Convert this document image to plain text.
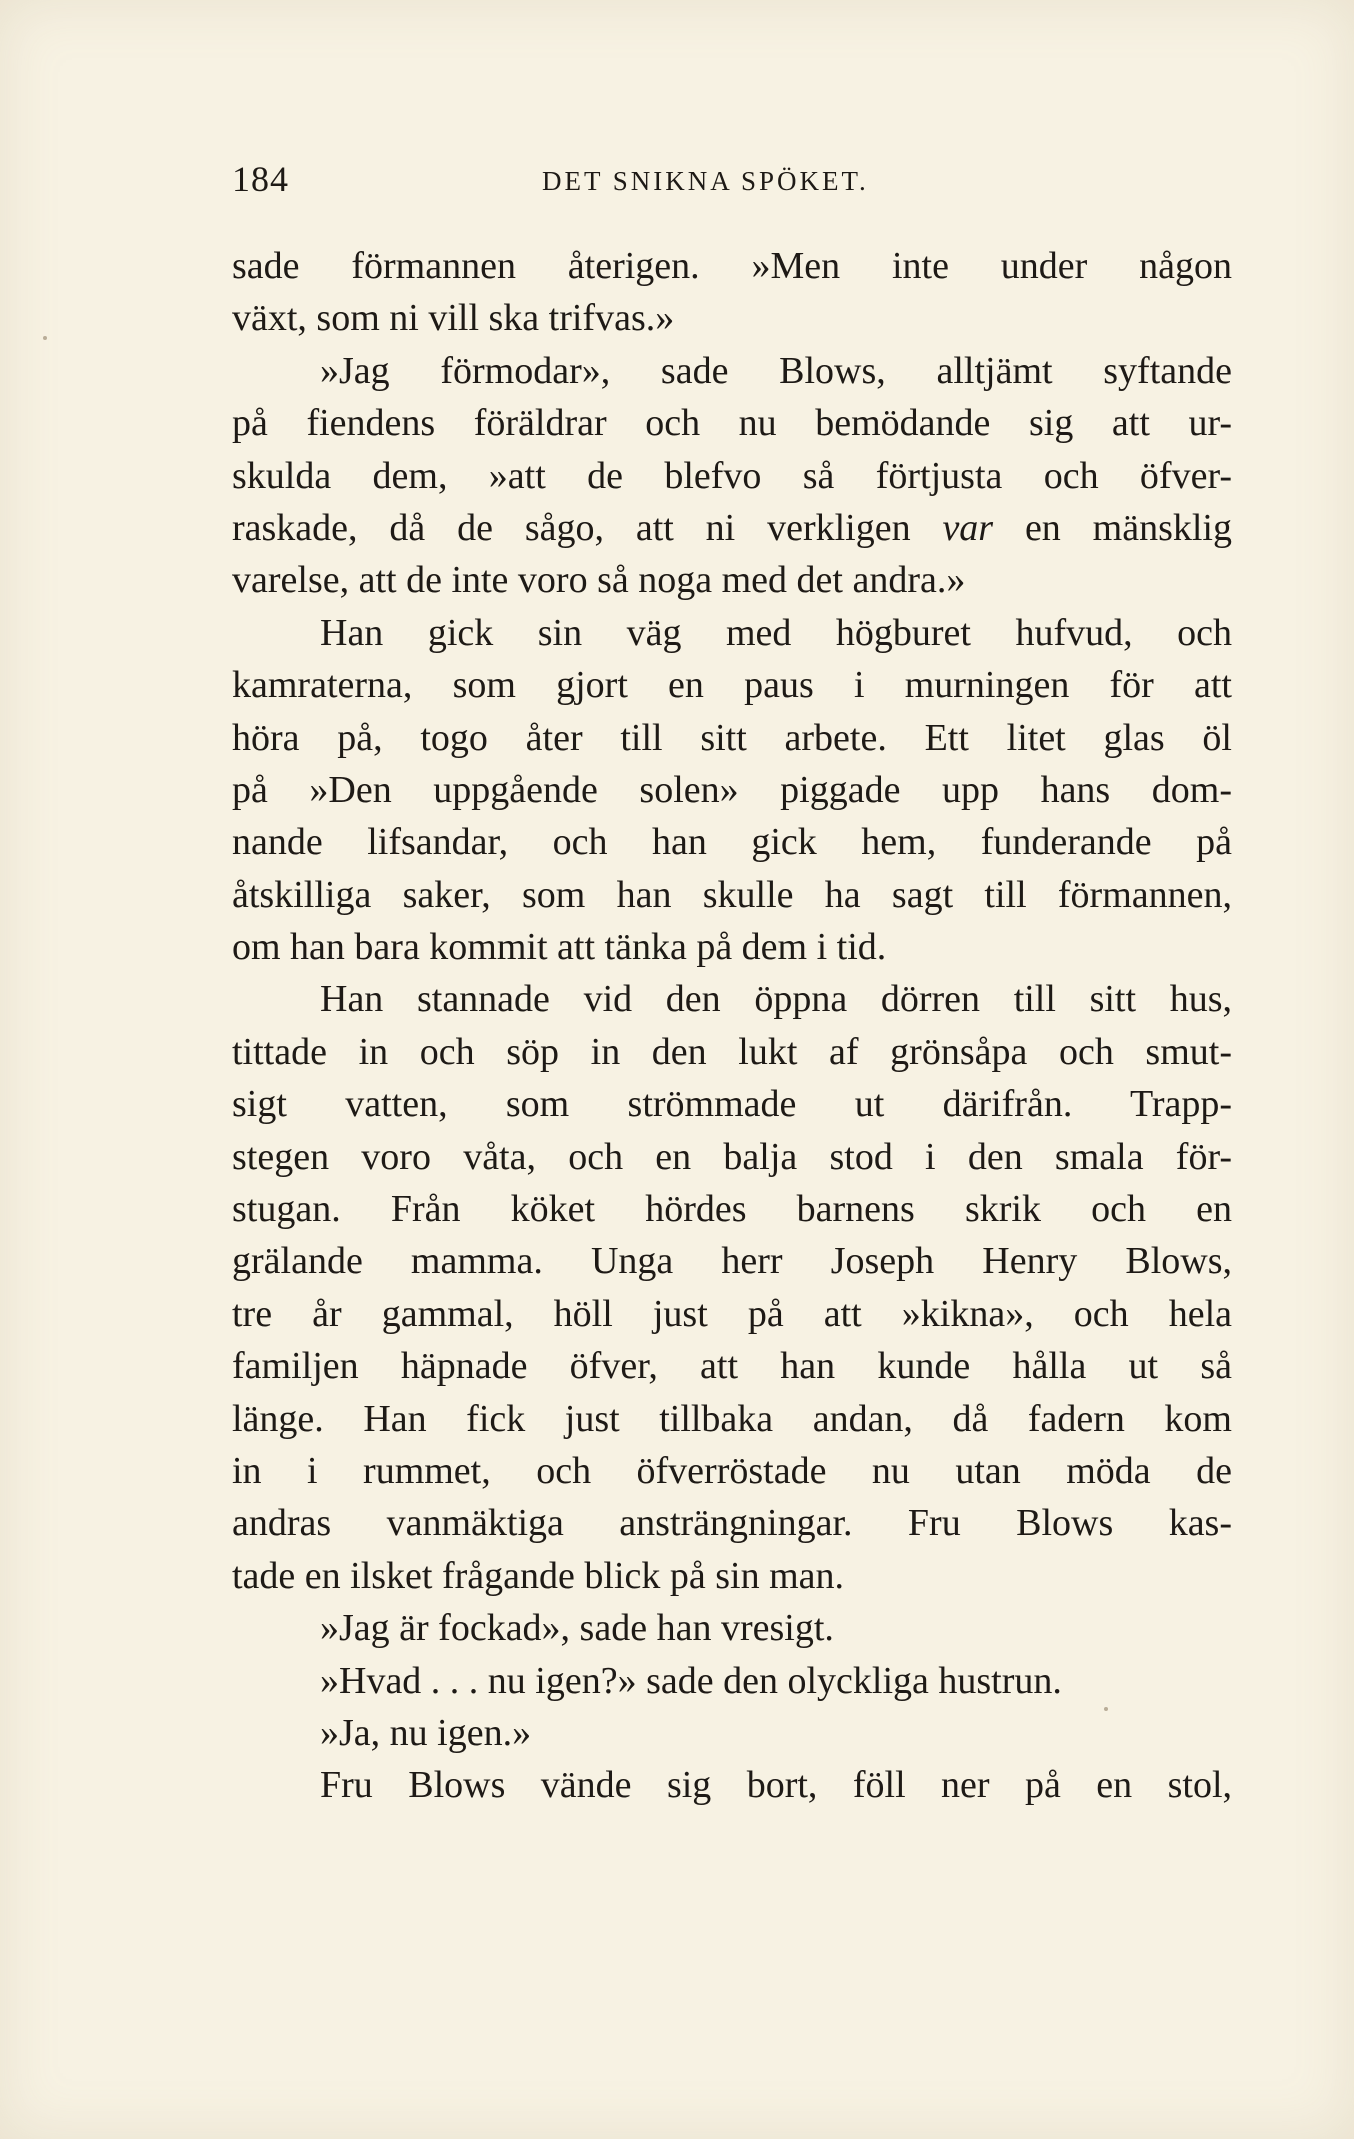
184	DET SNIKNA SPÖKET.
sade förmannen återigen. »Men inte under någon
växt, som ni vill ska trifvas.»
»Jag förmodar», sade Blows, alltjämt syftande
på fiendens föräldrar och nu bemödande sig att ur-
skulda dem, »att de blefvo så förtjusta och öfver-
raskade, då de sågo, att ni verkligen var en mänsklig
varelse, att de inte voro så noga med det andra.»
Han gick sin väg med högburet hufvud, och
kamraterna, som gjort en paus i murningen för att
höra på, togo åter till sitt arbete. Ett litet glas öl
på »Den uppgående solen» piggade upp hans dom-
nande lifsandar, och han gick hem, funderande på
åtskilliga saker, som han skulle ha sagt till förmannen,
om han bara kommit att tänka på dem i tid.
Han stannade vid den öppna dörren till sitt hus,
tittade in och söp in den lukt af grönsåpa och smut-
sigt vatten, som strömmade ut därifrån. Trapp-
stegen voro våta, och en balja stod i den smala för-
stugan. Från köket hördes barnens skrik och en
grälande mamma. Unga herr Joseph Henry Blows,
tre år gammal, höll just på att »kikna», och hela
familjen häpnade öfver, att han kunde hålla ut så
länge. Han fick just tillbaka andan, då fadern kom
in i rummet, och öfverröstade nu utan möda de
andras vanmäktiga ansträngningar. Fru Blows kas-
tade en ilsket frågande blick på sin man.
»Jag är fockad», sade han vresigt.
»Hvad . . . nu igen?» sade den olyckliga hustrun.
»Ja, nu igen.»
Fru Blows vände sig bort, föll ner på en stol,
